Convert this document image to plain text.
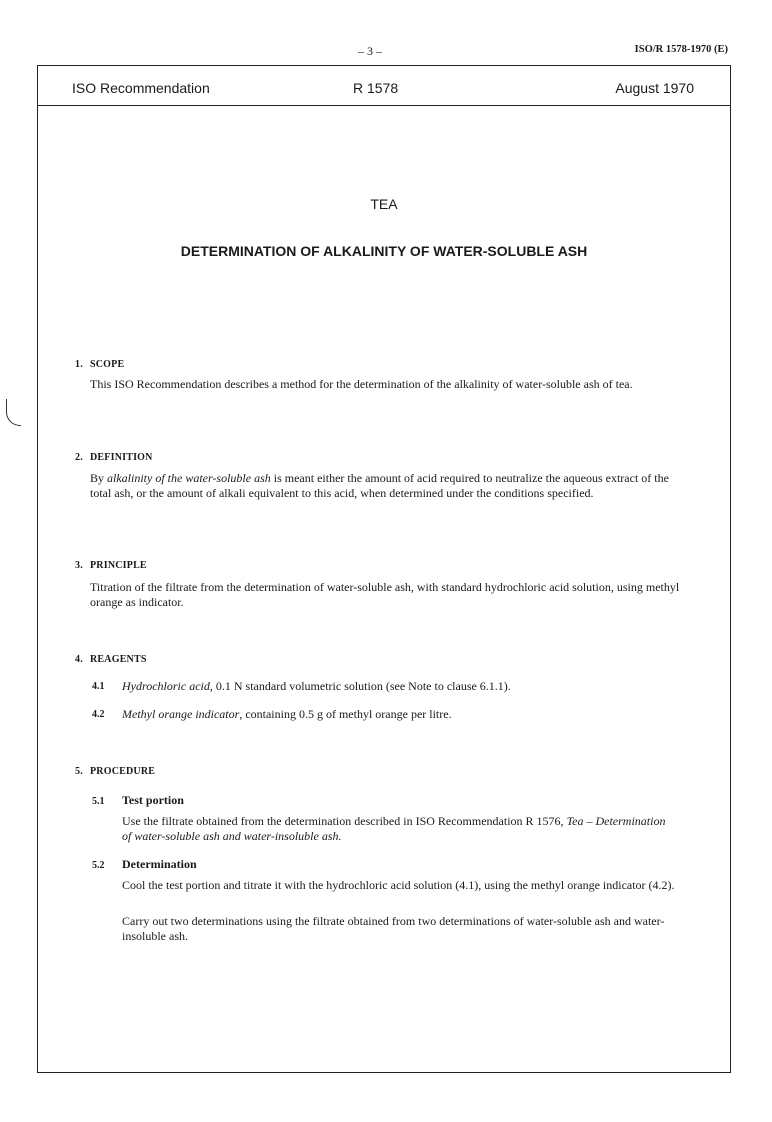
– 3 –	ISO/R 1578-1970 (E)
ISO Recommendation	R 1578	August 1970
TEA
DETERMINATION OF ALKALINITY OF WATER-SOLUBLE ASH
1. SCOPE
This ISO Recommendation describes a method for the determination of the alkalinity of water-soluble ash of tea.
2. DEFINITION
By alkalinity of the water-soluble ash is meant either the amount of acid required to neutralize the aqueous extract of the total ash, or the amount of alkali equivalent to this acid, when determined under the conditions specified.
3. PRINCIPLE
Titration of the filtrate from the determination of water-soluble ash, with standard hydrochloric acid solution, using methyl orange as indicator.
4. REAGENTS
4.1 Hydrochloric acid, 0.1 N standard volumetric solution (see Note to clause 6.1.1).
4.2 Methyl orange indicator, containing 0.5 g of methyl orange per litre.
5. PROCEDURE
5.1 Test portion
Use the filtrate obtained from the determination described in ISO Recommendation R 1576, Tea – Determination of water-soluble ash and water-insoluble ash.
5.2 Determination
Cool the test portion and titrate it with the hydrochloric acid solution (4.1), using the methyl orange indicator (4.2).
Carry out two determinations using the filtrate obtained from two determinations of water-soluble ash and water-insoluble ash.
